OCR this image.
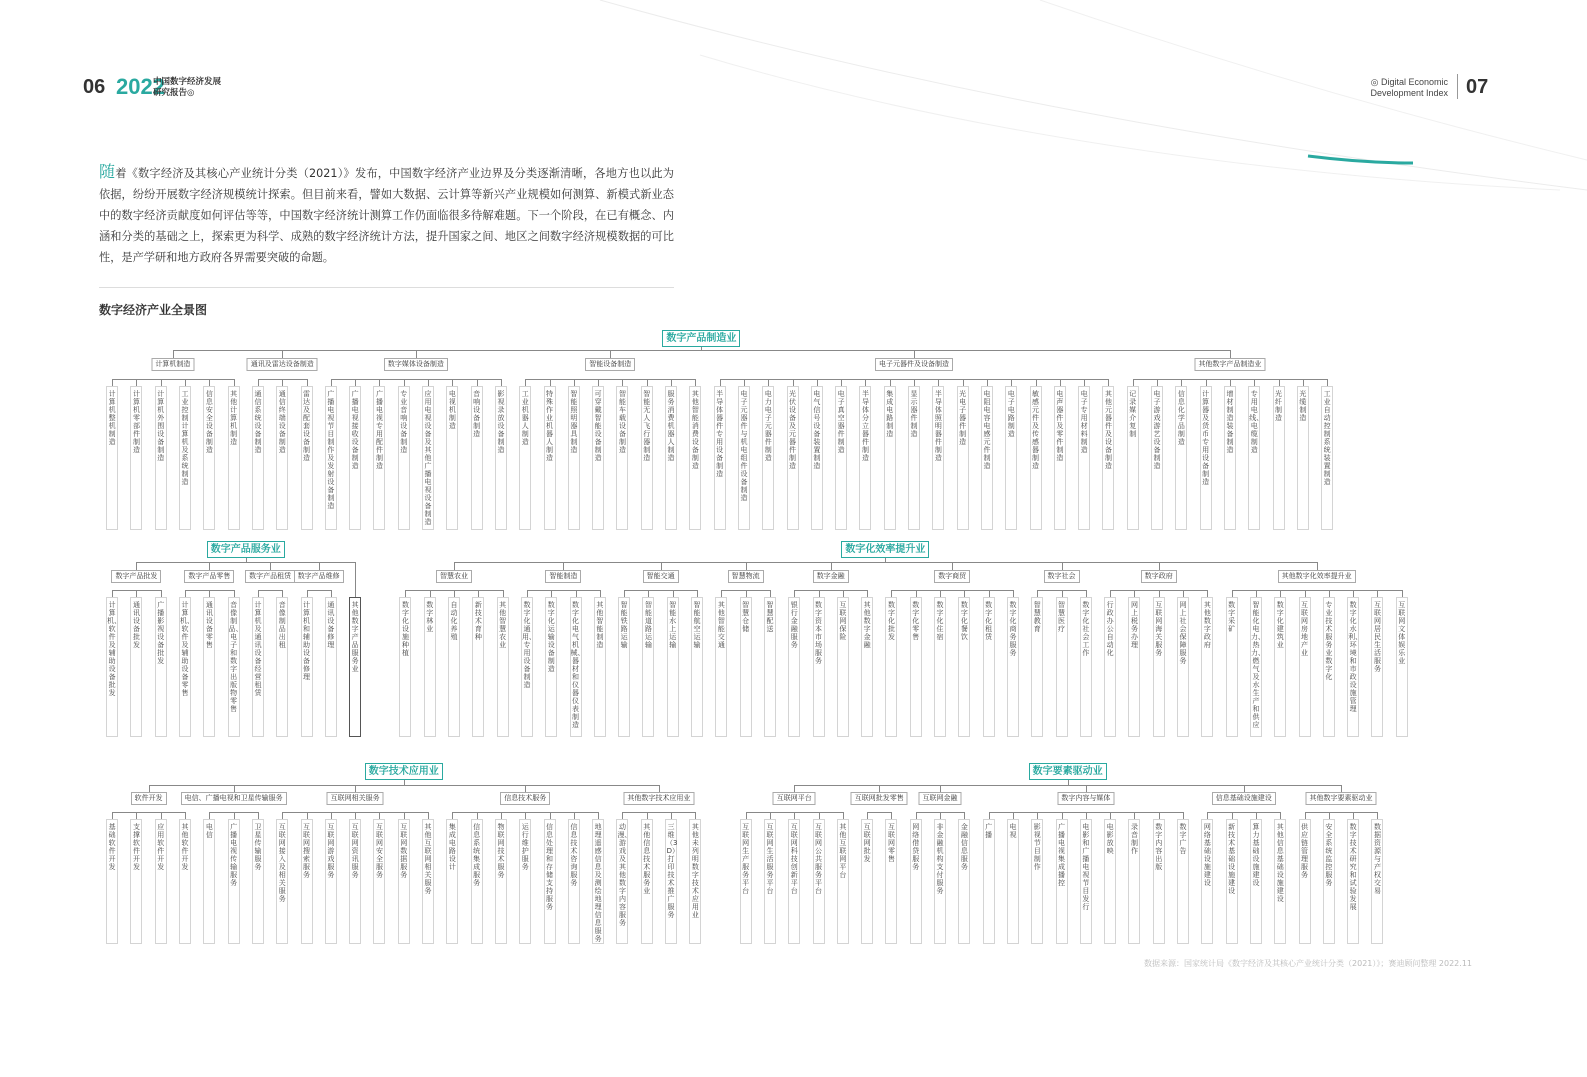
06 2022
中国数字经济发展
研究报告◎
◎ Digital Economic
Development Index 07

随着《数字经济及其核心产业统计分类（2021）》发布，中国数字经济产业边界及分类逐渐清晰，各地方也以此为依据，纷纷开展数字经济规模统计探索。但目前来看，譬如大数据、云计算等新兴产业规模如何测算、新模式新业态中的数字经济贡献度如何评估等等，中国数字经济统计测算工作仍面临很多待解难题。下一个阶段，在已有概念、内涵和分类的基础之上，探索更为科学、成熟的数字经济统计方法，提升国家之间、地区之间数字经济规模数据的可比性，是产学研和地方政府各界需要突破的命题。

数字经济产业全景图
计算机整机制造
计算机零部件制造
计算机外围设备制造
工业控制计算机及系统制造
信息安全设备制造
其他计算机制造
计算机制造
通信系统设备制造
通信终端设备制造
雷达及配套设备制造
通讯及雷达设备制造
广播电视节目制作及发射设备制造
广播电视接收设备制造
广播电视专用配件制造
专业音响设备制造
应用电视设备及其他广播电视设备制造
电视机制造
音响设备制造
影视录放设备制造
数字媒体设备制造
工业机器人制造
特殊作业机器人制造
智能照明器具制造
可穿戴智能设备制造
智能车载设备制造
智能无人飞行器制造
服务消费机器人制造
其他智能消费设备制造
智能设备制造
半导体器件专用设备制造
电子元器件与机电组件设备制造
电力电子元器件制造
光伏设备及元器件制造
电气信号设备装置制造
电子真空器件制造
半导体分立器件制造
集成电路制造
显示器件制造
半导体照明器件制造
光电子器件制造
电阻电容电感元件制造
电子电路制造
敏感元件及传感器制造
电声器件及零件制造
电子专用材料制造
其他元器件及设备制造
电子元器件及设备制造
记录媒介复制
电子游戏游艺设备制造
信息化学品制造
计算器及货币专用设备制造
增材制造装备制造
专用电线、电缆制造
光纤制造
光缆制造
工业自动控制系统装置制造
其他数字产品制造业
数字产品制造业
计算机、软件及辅助设备批发
通讯设备批发
广播影视设备批发
数字产品批发
计算机、软件及辅助设备零售
通讯设备零售
音像制品、电子和数字出版物零售
数字产品零售
计算机及通讯设备经营租赁
音像制品出租
数字产品租赁
计算机和辅助设备修理
通讯设备修理
数字产品维修
其他数字产品服务业
数字产品服务业
数字化设施种植
数字林业
自动化养殖
新技术育种
其他智慧农业
智慧农业
数字化通用、专用设备制造
数字化运输设备制造
数字化电气机械、器材和仪器仪表制造
其他智能制造
智能制造
智能铁路运输
智能道路运输
智能水上运输
智能航空运输
智能交通
其他智能交通
智慧仓储
智慧配送
智慧物流
银行金融服务
数字资本市场服务
互联网保险
其他数字金融
数字金融
数字化批发
数字化零售
数字化住宿
数字化餐饮
数字化租赁
数字化商务服务
数字商贸
智慧教育
智慧医疗
数字化社会工作
数字社会
行政办公自动化
网上税务办理
互联网海关服务
网上社会保障服务
其他数字政府
数字政府
数字采矿
智能化电力、热力、燃气及水生产和供应
数字化建筑业
互联网房地产业
专业技术服务业数字化
数字化水利、环境和市政设施管理
互联网居民生活服务
互联网文体娱乐业
其他数字化效率提升业
数字化效率提升业
基础软件开发
支撑软件开发
应用软件开发
其他软件开发
软件开发
电信
广播电视传输服务
卫星传输服务
电信、广播电视和卫星传输服务
互联网接入及相关服务
互联网搜索服务
互联网游戏服务
互联网资讯服务
互联网安全服务
互联网数据服务
其他互联网相关服务
互联网相关服务
集成电路设计
信息系统集成服务
物联网技术服务
运行维护服务
信息处理和存储支持服务
信息技术咨询服务
地理遥感信息及测绘地理信息服务
信息技术服务
动漫、游戏及其他数字内容服务
其他信息技术服务业
三维（3D）打印技术推广服务
其他未列明数字技术应用业
其他数字技术应用业
数字技术应用业
互联网生产服务平台
互联网生活服务平台
互联网科技创新平台
互联网公共服务平台
其他互联网平台
互联网平台
互联网批发
互联网零售
互联网批发零售
网络借贷服务
非金融机构支付服务
金融信息服务
互联网金融
广播
电视
影视节目制作
广播电视集成播控
电影和广播电视节目发行
电影放映
录音制作
数字内容出版
数字广告
数字内容与媒体
网络基础设施建设
新技术基础设施建设
算力基础设施建设
其他信息基础设施建设
信息基础设施建设
供应链管理服务
安全系统监控服务
数字技术研究和试验发展
数据资源与产权交易
其他数字要素驱动业
数字要素驱动业
数据来源：国家统计局《数字经济及其核心产业统计分类（2021）》；赛迪顾问整理 2022.11
